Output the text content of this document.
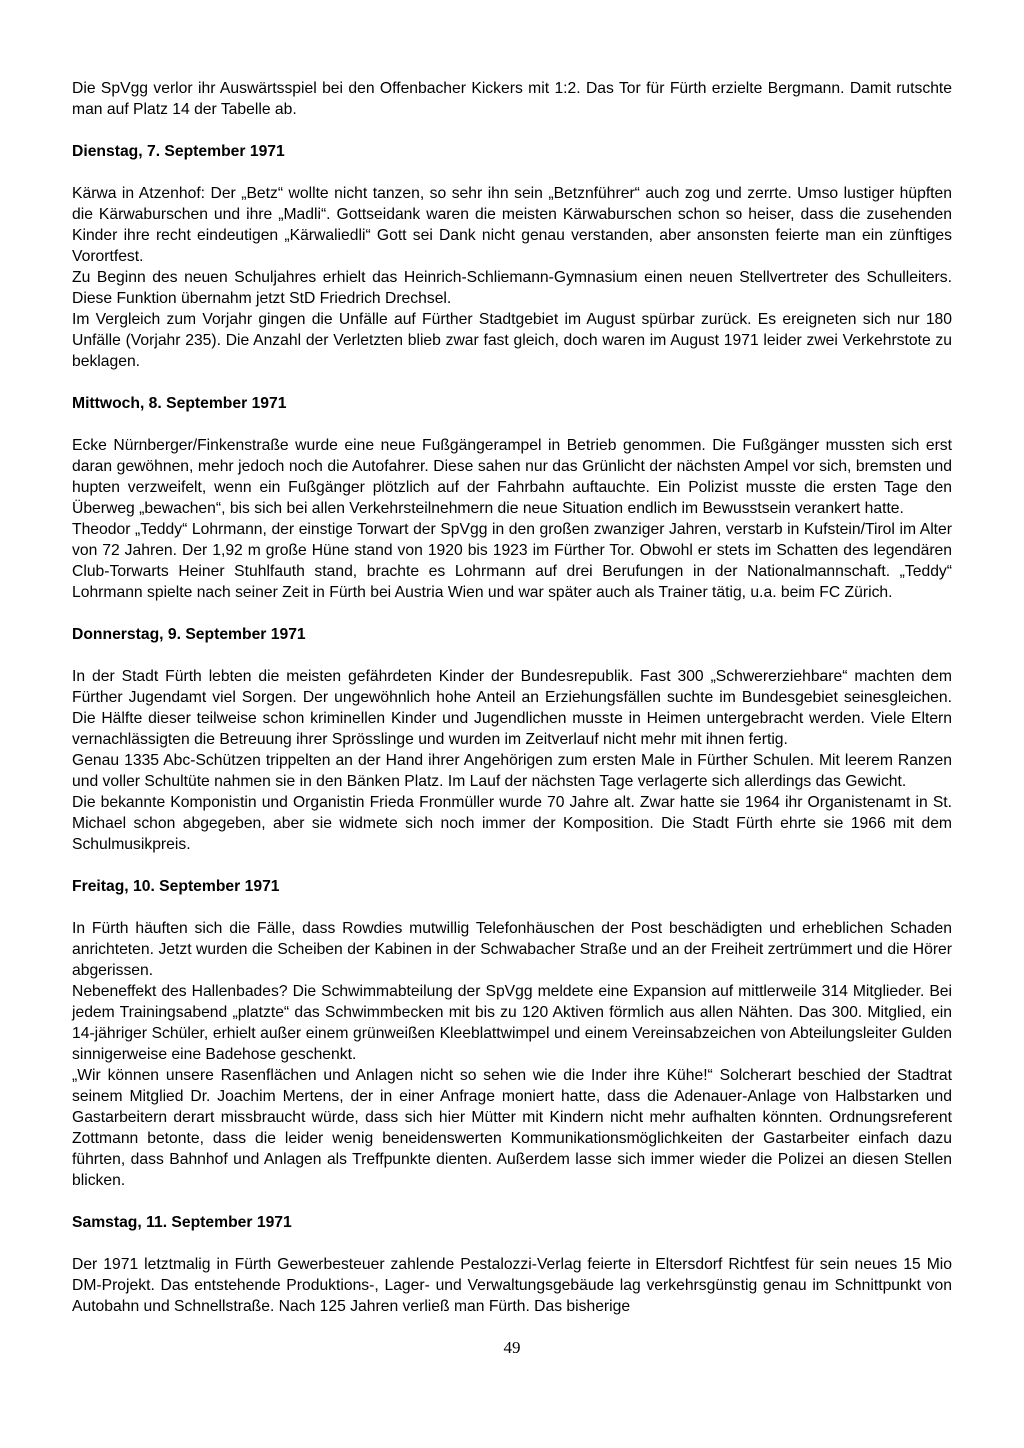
Die SpVgg verlor ihr Auswärtsspiel bei den Offenbacher Kickers mit 1:2. Das Tor für Fürth erzielte Bergmann. Damit rutschte man auf Platz 14 der Tabelle ab.

Dienstag, 7. September 1971

Kärwa in Atzenhof: Der „Betz“ wollte nicht tanzen, so sehr ihn sein „Betznführer“ auch zog und zerrte. Umso lustiger hüpften die Kärwaburschen und ihre „Madli“. Gottseidank waren die meisten Kärwaburschen schon so heiser, dass die zusehenden Kinder ihre recht eindeutigen „Kärwaliedli“ Gott sei Dank nicht genau verstanden, aber ansonsten feierte man ein zünftiges Vorortfest.

Zu Beginn des neuen Schuljahres erhielt das Heinrich-Schliemann-Gymnasium einen neuen Stellvertreter des Schulleiters. Diese Funktion übernahm jetzt StD Friedrich Drechsel.

Im Vergleich zum Vorjahr gingen die Unfälle auf Fürther Stadtgebiet im August spürbar zurück. Es ereigneten sich nur 180 Unfälle (Vorjahr 235). Die Anzahl der Verletzten blieb zwar fast gleich, doch waren im August 1971 leider zwei Verkehrstote zu beklagen.

Mittwoch, 8. September 1971

Ecke Nürnberger/Finkenstraße wurde eine neue Fußgängerampel in Betrieb genommen. Die Fußgänger mussten sich erst daran gewöhnen, mehr jedoch noch die Autofahrer. Diese sahen nur das Grünlicht der nächsten Ampel vor sich, bremsten und hupten verzweifelt, wenn ein Fußgänger plötzlich auf der Fahrbahn auftauchte. Ein Polizist musste die ersten Tage den Überweg „bewachen“, bis sich bei allen Verkehrsteilnehmern die neue Situation endlich im Bewusstsein verankert hatte.

Theodor „Teddy“ Lohrmann, der einstige Torwart der SpVgg in den großen zwanziger Jahren, verstarb in Kufstein/Tirol im Alter von 72 Jahren. Der 1,92 m große Hüne stand von 1920 bis 1923 im Fürther Tor. Obwohl er stets im Schatten des legendären Club-Torwarts Heiner Stuhlfauth stand, brachte es Lohrmann auf drei Berufungen in der Nationalmannschaft. „Teddy“ Lohrmann spielte nach seiner Zeit in Fürth bei Austria Wien und war später auch als Trainer tätig, u.a. beim FC Zürich.

Donnerstag, 9. September 1971

In der Stadt Fürth lebten die meisten gefährdeten Kinder der Bundesrepublik. Fast 300 „Schwererziehbare“ machten dem Fürther Jugendamt viel Sorgen. Der ungewöhnlich hohe Anteil an Erziehungsfällen suchte im Bundesgebiet seinesgleichen. Die Hälfte dieser teilweise schon kriminellen Kinder und Jugendlichen musste in Heimen untergebracht werden. Viele Eltern vernachlässigten die Betreuung ihrer Sprösslinge und wurden im Zeitverlauf nicht mehr mit ihnen fertig.

Genau 1335 Abc-Schützen trippelten an der Hand ihrer Angehörigen zum ersten Male in Fürther Schulen. Mit leerem Ranzen und voller Schultüte nahmen sie in den Bänken Platz. Im Lauf der nächsten Tage verlagerte sich allerdings das Gewicht.

Die bekannte Komponistin und Organistin Frieda Fronmüller wurde 70 Jahre alt. Zwar hatte sie 1964 ihr Organistenamt in St. Michael schon abgegeben, aber sie widmete sich noch immer der Komposition. Die Stadt Fürth ehrte sie 1966 mit dem Schulmusikpreis.

Freitag, 10. September 1971

In Fürth häuften sich die Fälle, dass Rowdies mutwillig Telefonhäuschen der Post beschädigten und erheblichen Schaden anrichteten. Jetzt wurden die Scheiben der Kabinen in der Schwabacher Straße und an der Freiheit zertrümmert und die Hörer abgerissen.

Nebeneffekt des Hallenbades? Die Schwimmabteilung der SpVgg meldete eine Expansion auf mittlerweile 314 Mitglieder. Bei jedem Trainingsabend „platzte“ das Schwimmbecken mit bis zu 120 Aktiven förmlich aus allen Nähten. Das 300. Mitglied, ein 14-jähriger Schüler, erhielt außer einem grünweißen Kleeblattwimpel und einem Vereinsabzeichen von Abteilungsleiter Gulden sinnigerweise eine Badehose geschenkt.

„Wir können unsere Rasenflächen und Anlagen nicht so sehen wie die Inder ihre Kühe!“ Solcherart beschied der Stadtrat seinem Mitglied Dr. Joachim Mertens, der in einer Anfrage moniert hatte, dass die Adenauer-Anlage von Halbstarken und Gastarbeitern derart missbraucht würde, dass sich hier Mütter mit Kindern nicht mehr aufhalten könnten. Ordnungsreferent Zottmann betonte, dass die leider wenig beneidenswerten Kommunikationsmöglichkeiten der Gastarbeiter einfach dazu führten, dass Bahnhof und Anlagen als Treffpunkte dienten. Außerdem lasse sich immer wieder die Polizei an diesen Stellen blicken.

Samstag, 11. September 1971

Der 1971 letztmalig in Fürth Gewerbesteuer zahlende Pestalozzi-Verlag feierte in Eltersdorf Richtfest für sein neues 15 Mio DM-Projekt. Das entstehende Produktions-, Lager- und Verwaltungsgebäude lag verkehrsgünstig genau im Schnittpunkt von Autobahn und Schnellstraße. Nach 125 Jahren verließ man Fürth. Das bisherige

49
